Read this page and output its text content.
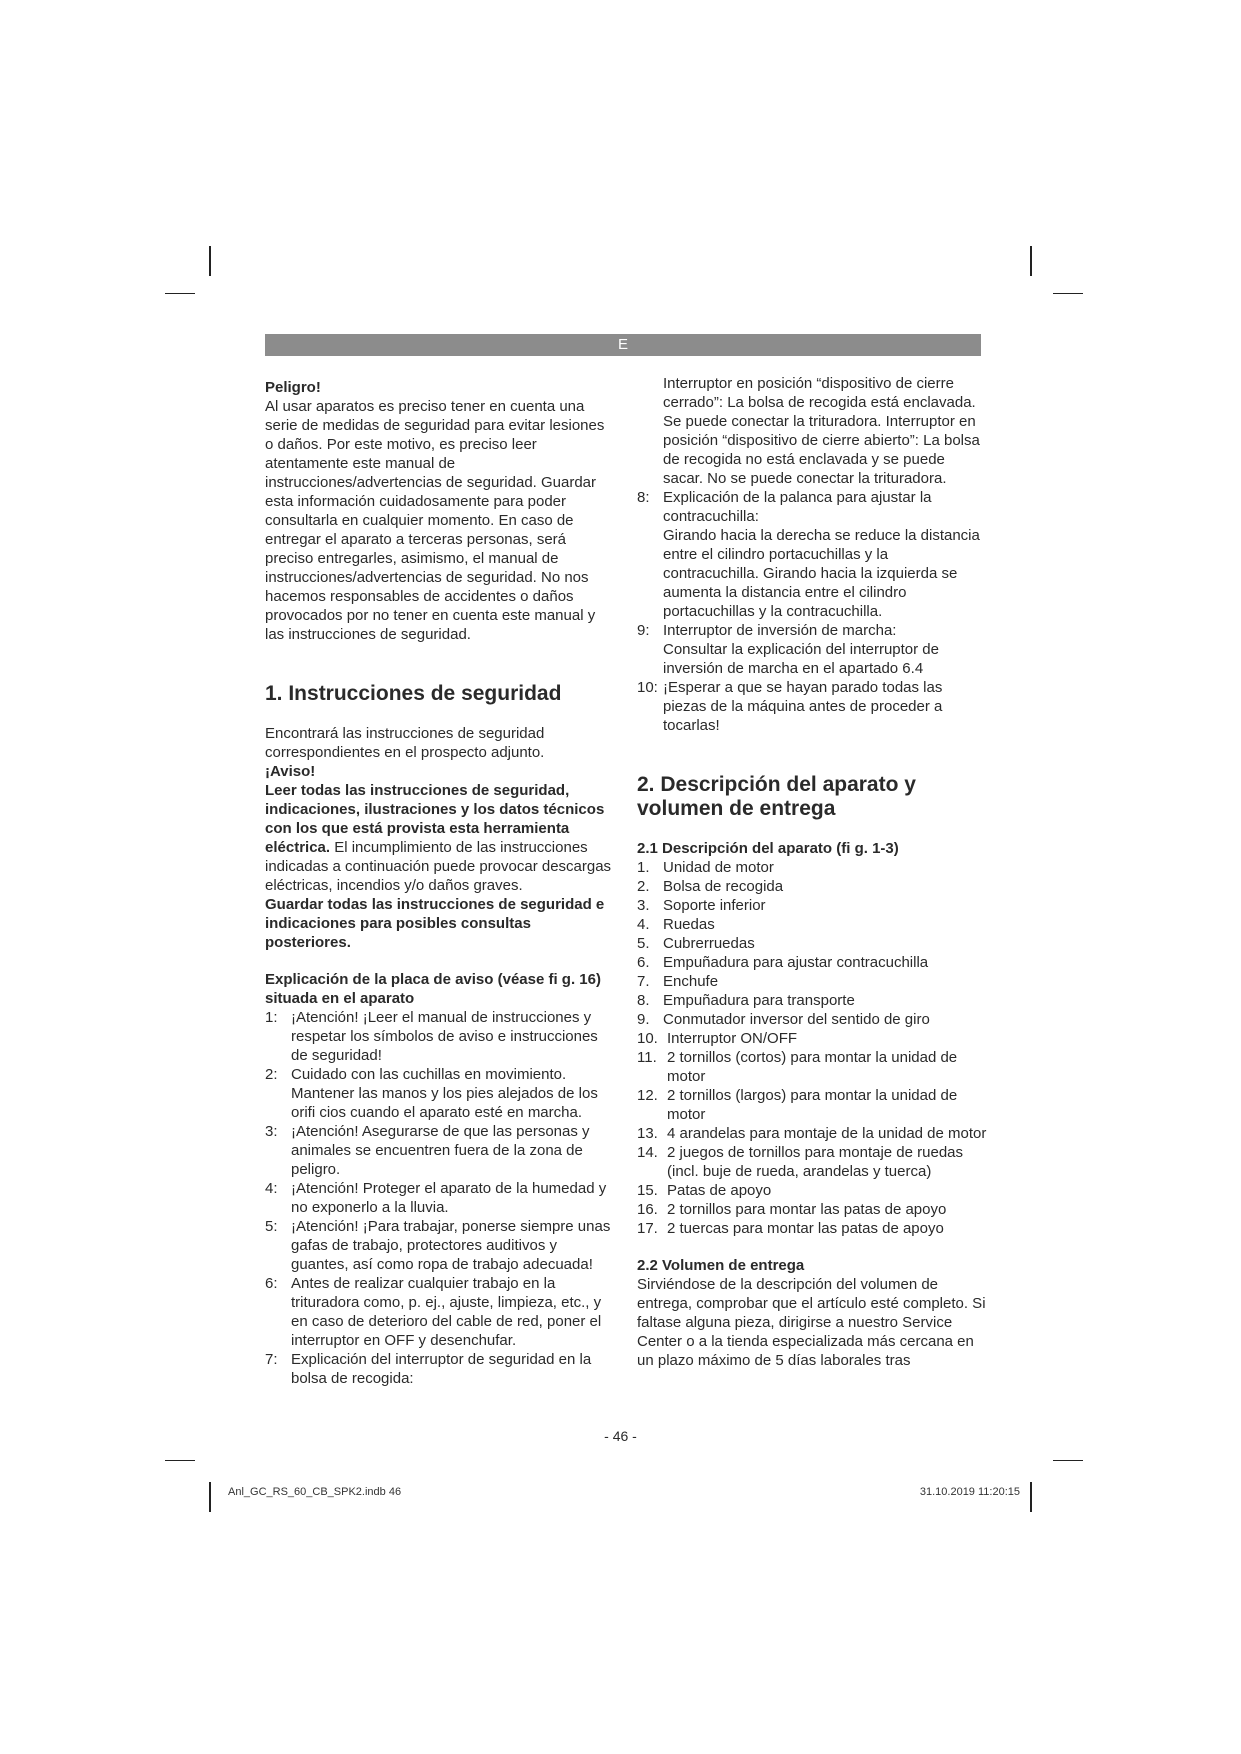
E

Peligro!

Al usar aparatos es preciso tener en cuenta una serie de medidas de seguridad para evitar lesiones o daños. Por este motivo, es preciso leer atentamente este manual de instrucciones/advertencias de seguridad. Guardar esta información cuidadosamente para poder consultarla en cualquier momento. En caso de entregar el aparato a terceras personas, será preciso entregarles, asimismo, el manual de instrucciones/advertencias de seguridad. No nos hacemos responsables de accidentes o daños provocados por no tener en cuenta este manual y las instrucciones de seguridad.

1. Instrucciones de seguridad

Encontrará las instrucciones de seguridad correspondientes en el prospecto adjunto.

¡Aviso!

Leer todas las instrucciones de seguridad, indicaciones, ilustraciones y los datos técnicos con los que está provista esta herramienta eléctrica. El incumplimiento de las instrucciones indicadas a continuación puede provocar descargas eléctricas, incendios y/o daños graves.

Guardar todas las instrucciones de seguridad e indicaciones para posibles consultas posteriores.

Explicación de la placa de aviso (véase fi g. 16) situada en el aparato

1: ¡Atención! ¡Leer el manual de instrucciones y respetar los símbolos de aviso e instrucciones de seguridad!
2: Cuidado con las cuchillas en movimiento. Mantener las manos y los pies alejados de los orifi cios cuando el aparato esté en marcha.
3: ¡Atención! Asegurarse de que las personas y animales se encuentren fuera de la zona de peligro.
4: ¡Atención! Proteger el aparato de la humedad y no exponerlo a la lluvia.
5: ¡Atención! ¡Para trabajar, ponerse siempre unas gafas de trabajo, protectores auditivos y guantes, así como ropa de trabajo adecuada!
6: Antes de realizar cualquier trabajo en la trituradora como, p. ej., ajuste, limpieza, etc., y en caso de deterioro del cable de red, poner el interruptor en OFF y desenchufar.
7: Explicación del interruptor de seguridad en la bolsa de recogida:

Interruptor en posición “dispositivo de cierre cerrado”: La bolsa de recogida está enclavada. Se puede conectar la trituradora. Interruptor en posición “dispositivo de cierre abierto”: La bolsa de recogida no está enclavada y se puede sacar. No se puede conectar la trituradora.

8: Explicación de la palanca para ajustar la contracuchilla:

Girando hacia la derecha se reduce la distancia entre el cilindro portacuchillas y la contracuchilla. Girando hacia la izquierda se aumenta la distancia entre el cilindro portacuchillas y la contracuchilla.

9: Interruptor de inversión de marcha:

Consultar la explicación del interruptor de inversión de marcha en el apartado 6.4

10: ¡Esperar a que se hayan parado todas las piezas de la máquina antes de proceder a tocarlas!

2. Descripción del aparato y volumen de entrega

2.1 Descripción del aparato (fi g. 1-3)

1. Unidad de motor
2. Bolsa de recogida
3. Soporte inferior
4. Ruedas
5. Cubrerruedas
6. Empuñadura para ajustar contracuchilla
7. Enchufe
8. Empuñadura para transporte
9. Conmutador inversor del sentido de giro
10. Interruptor ON/OFF
11. 2 tornillos (cortos) para montar la unidad de motor
12. 2 tornillos (largos) para montar la unidad de motor
13. 4 arandelas para montaje de la unidad de motor
14. 2 juegos de tornillos para montaje de ruedas (incl. buje de rueda, arandelas y tuerca)
15. Patas de apoyo
16. 2 tornillos para montar las patas de apoyo
17. 2 tuercas para montar las patas de apoyo

2.2 Volumen de entrega

Sirviéndose de la descripción del volumen de entrega, comprobar que el artículo esté completo. Si faltase alguna pieza, dirigirse a nuestro Service Center o a la tienda especializada más cercana en un plazo máximo de 5 días laborales tras

- 46 -
Anl_GC_RS_60_CB_SPK2.indb 46	31.10.2019 11:20:15
